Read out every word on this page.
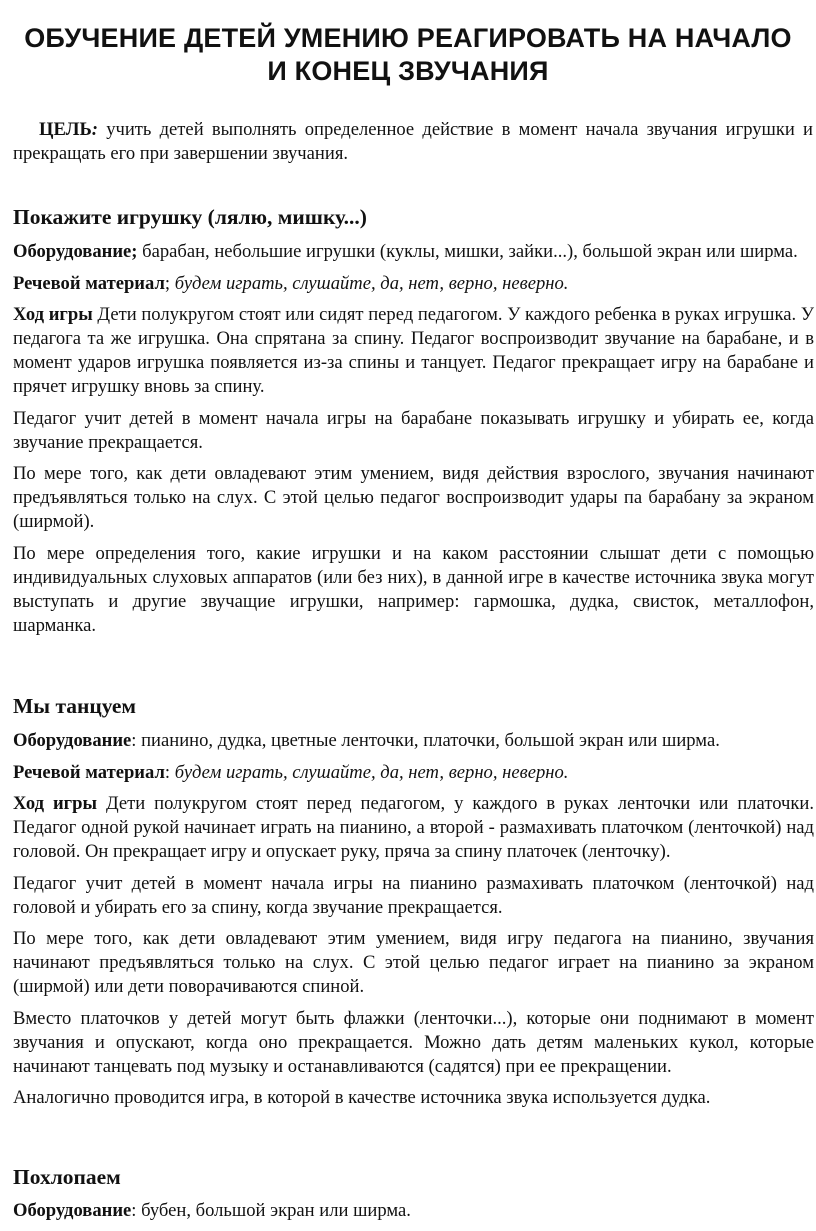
ОБУЧЕНИЕ ДЕТЕЙ УМЕНИЮ РЕАГИРОВАТЬ НА НАЧАЛО
И КОНЕЦ ЗВУЧАНИЯ
ЦЕЛЬ: учить детей выполнять определенное действие в момент начала звучания игрушки и прекращать его при завершении звучания.
Покажите игрушку (лялю, мишку...)

Оборудование; барабан, небольшие игрушки (куклы, мишки, зайки...), большой экран или ширма.

Речевой материал; будем играть, слушайте, да, нет, верно, неверно.

Ход игры Дети полукругом стоят или сидят перед педагогом. У каждого ребенка в руках игрушка. У педагога та же игрушка. Она спрятана за спину. Педагог воспроизводит звучание на барабане, и в момент ударов игрушка появляется из-за спины и танцует. Педагог прекращает игру на барабане и прячет игрушку вновь за спину.

Педагог учит детей в момент начала игры на барабане показывать игрушку и убирать ее, когда звучание прекращается.

По мере того, как дети овладевают этим умением, видя действия взрослого, звучания начинают предъявляться только на слух. С этой целью педагог воспроизводит удары па барабану за экраном (ширмой).

По мере определения того, какие игрушки и на каком расстоянии слышат дети с помощью индивидуальных слуховых аппаратов (или без них), в данной игре в качестве источника звука могут выступать и другие звучащие игрушки, например: гармошка, дудка, свисток, металлофон, шарманка.

Мы танцуем

Оборудование: пианино, дудка, цветные ленточки, платочки, большой экран или ширма.

Речевой материал: будем играть, слушайте, да, нет, верно, неверно.

Ход игры Дети полукругом стоят перед педагогом, у каждого в руках ленточки или платочки. Педагог одной рукой начинает играть на пианино, а второй - размахивать платочком (ленточкой) над головой. Он прекращает игру и опускает руку, пряча за спину платочек (ленточку).

Педагог учит детей в момент начала игры на пианино размахивать платочком (ленточкой) над головой и убирать его за спину, когда звучание прекращается.

По мере того, как дети овладевают этим умением, видя игру педагога на пианино, звучания начинают предъявляться только на слух. С этой целью педагог играет на пианино за экраном (ширмой) или дети поворачиваются спиной.

Вместо платочков у детей могут быть флажки (ленточки...), которые они поднимают в момент звучания и опускают, когда оно прекращается. Можно дать детям маленьких кукол, которые начинают танцевать под музыку и останавливаются (садятся) при ее прекращении.

Аналогично проводится игра, в которой в качестве источника звука используется дудка.

Похлопаем

Оборудование: бубен, большой экран или ширма.
